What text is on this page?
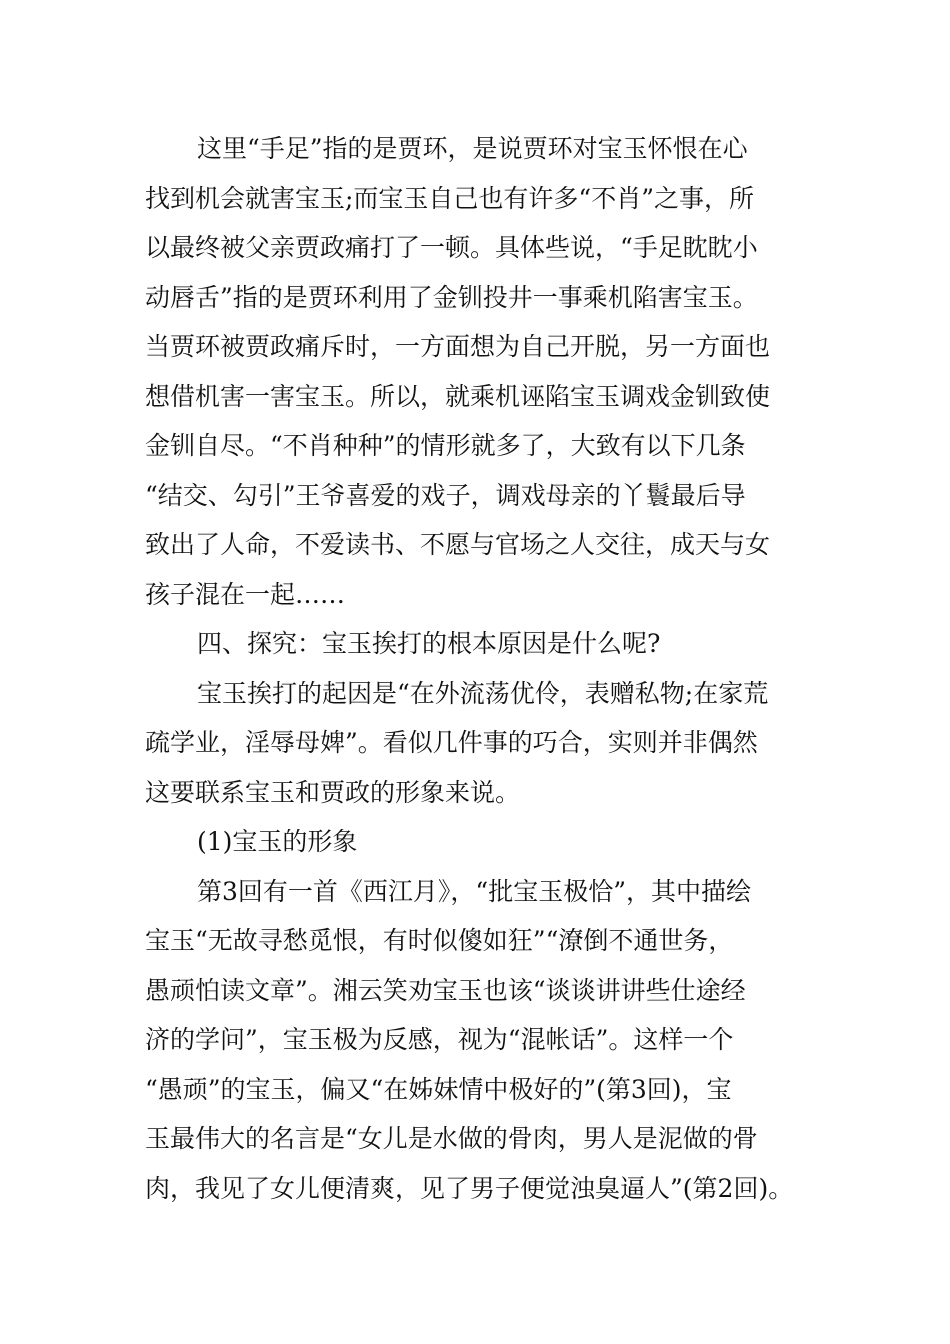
这里“手足”指的是贾环，是说贾环对宝玉怀恨在心
找到机会就害宝玉;而宝玉自己也有许多“不肖”之事，所
以最终被父亲贾政痛打了一顿。具体些说，“手足眈眈小
动唇舌”指的是贾环利用了金钏投井一事乘机陷害宝玉。
当贾环被贾政痛斥时，一方面想为自己开脱，另一方面也
想借机害一害宝玉。所以，就乘机诬陷宝玉调戏金钏致使
金钏自尽。“不肖种种”的情形就多了，大致有以下几条
“结交、勾引”王爷喜爱的戏子，调戏母亲的丫鬟最后导
致出了人命，不爱读书、不愿与官场之人交往，成天与女
孩子混在一起……
四、探究：宝玉挨打的根本原因是什么呢?
宝玉挨打的起因是“在外流荡优伶，表赠私物;在家荒
疏学业，淫辱母婢”。看似几件事的巧合，实则并非偶然
这要联系宝玉和贾政的形象来说。
(1)宝玉的形象
第3回有一首《西江月》，“批宝玉极恰”，其中描绘
宝玉“无故寻愁觅恨，有时似傻如狂”“潦倒不通世务，
愚顽怕读文章”。湘云笑劝宝玉也该“谈谈讲讲些仕途经
济的学问”，宝玉极为反感，视为“混帐话”。这样一个
“愚顽”的宝玉，偏又“在姊妹情中极好的”(第3回)，宝
玉最伟大的名言是“女儿是水做的骨肉，男人是泥做的骨
肉，我见了女儿便清爽，见了男子便觉浊臭逼人”(第2回)。
